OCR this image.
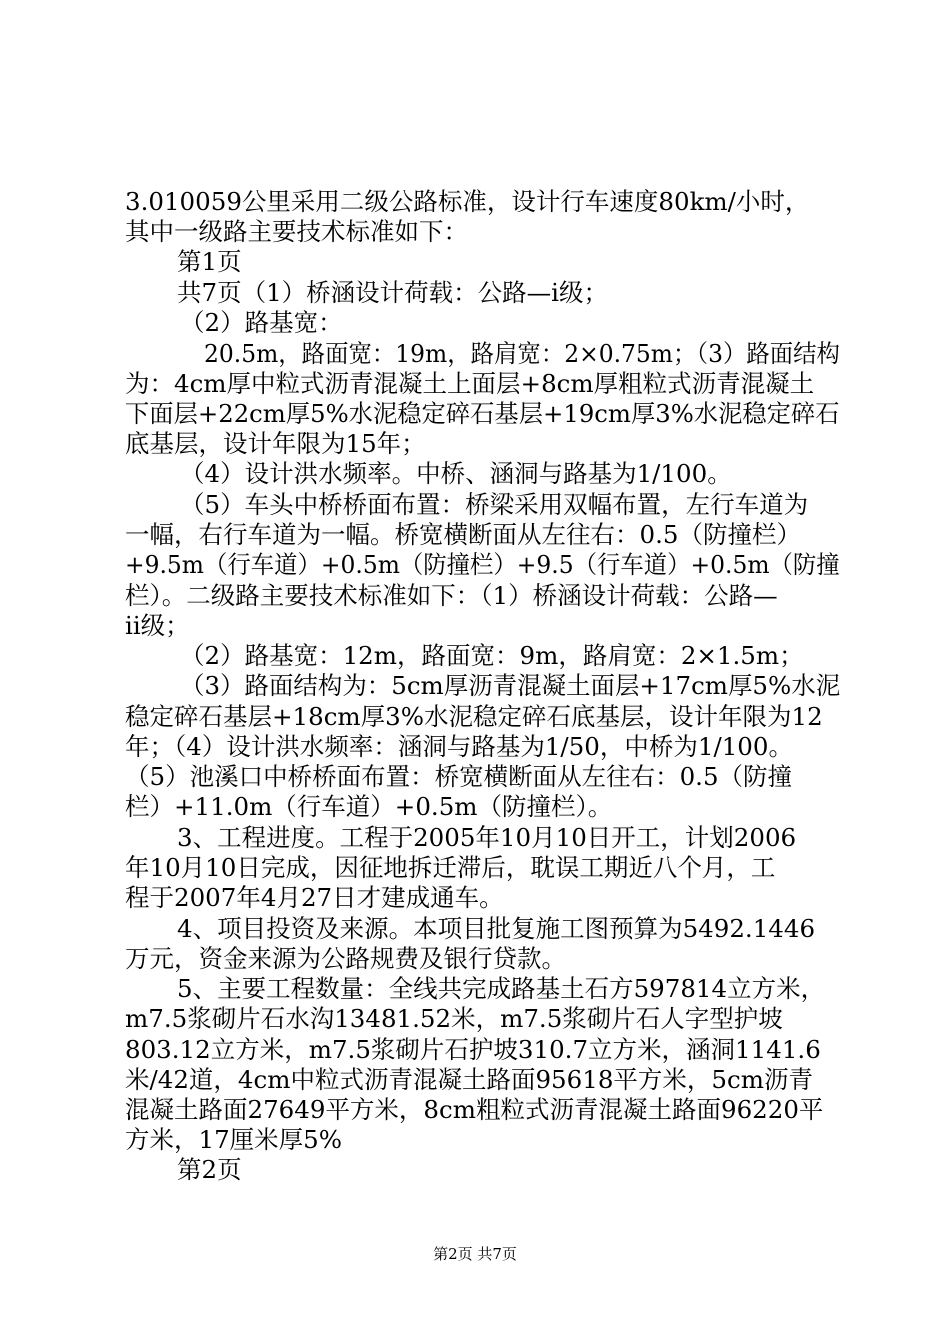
3.010059公里采用二级公路标准，设计行车速度80km/小时，
其中一级路主要技术标准如下：
第1页
共7页（1）桥涵设计荷载：公路—i级；
（2）路基宽：
20.5m，路面宽：19m，路肩宽：2×0.75m；（3）路面结构
为：4cm厚中粒式沥青混凝土上面层+8cm厚粗粒式沥青混凝土
下面层+22cm厚5%水泥稳定碎石基层+19cm厚3%水泥稳定碎石
底基层，设计年限为15年；
（4）设计洪水频率。中桥、涵洞与路基为1/100。
（5）车头中桥桥面布置：桥梁采用双幅布置，左行车道为
一幅，右行车道为一幅。桥宽横断面从左往右：0.5（防撞栏）
+9.5m（行车道）+0.5m（防撞栏）+9.5（行车道）+0.5m（防撞
栏）。二级路主要技术标准如下：（1）桥涵设计荷载：公路—
ii级；
（2）路基宽：12m，路面宽：9m，路肩宽：2×1.5m；
（3）路面结构为：5cm厚沥青混凝土面层+17cm厚5%水泥
稳定碎石基层+18cm厚3%水泥稳定碎石底基层，设计年限为12
年；（4）设计洪水频率：涵洞与路基为1/50，中桥为1/100。
（5）池溪口中桥桥面布置：桥宽横断面从左往右：0.5（防撞
栏）+11.0m（行车道）+0.5m（防撞栏）。
3、工程进度。工程于2005年10月10日开工，计划2006
年10月10日完成，因征地拆迁滞后，耽误工期近八个月，工
程于2007年4月27日才建成通车。
4、项目投资及来源。本项目批复施工图预算为5492.1446
万元，资金来源为公路规费及银行贷款。
5、主要工程数量：全线共完成路基土石方597814立方米，
m7.5浆砌片石水沟13481.52米，m7.5浆砌片石人字型护坡
803.12立方米，m7.5浆砌片石护坡310.7立方米，涵洞1141.6
米/42道，4cm中粒式沥青混凝土路面95618平方米，5cm沥青
混凝土路面27649平方米，8cm粗粒式沥青混凝土路面96220平
方米，17厘米厚5%
第2页
第2页 共7页
